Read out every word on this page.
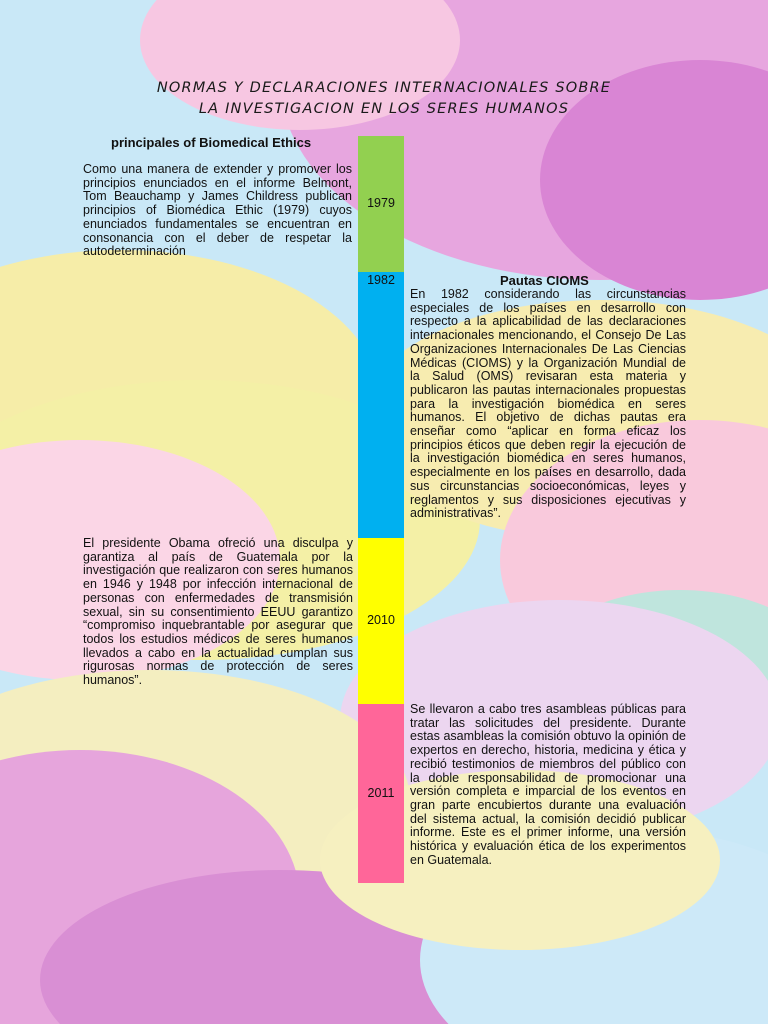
NORMAS Y DECLARACIONES INTERNACIONALES SOBRE
LA INVESTIGACION EN LOS SERES HUMANOS
1979
1982
2010
2011
principales of Biomedical Ethics

Como una manera de extender y promover los principios enunciados en el informe Belmont, Tom Beauchamp y James Childress publican principios of Biomédica Ethic (1979) cuyos enunciados fundamentales se encuentran en consonancia con el deber de respetar la autodeterminación

Pautas CIOMS

En 1982 considerando las circunstancias especiales de los países en desarrollo con respecto a la aplicabilidad de las declaraciones internacionales mencionando, el Consejo De Las Organizaciones Internacionales De Las Ciencias Médicas (CIOMS) y la Organización Mundial de la Salud (OMS) revisaran esta materia y publicaron las pautas internacionales propuestas para la investigación biomédica en seres humanos. El objetivo de dichas pautas era enseñar como “aplicar en forma eficaz los principios éticos que deben regir la ejecución de la investigación biomédica en seres humanos, especialmente en los países en desarrollo, dada sus circunstancias socioeconómicas, leyes y reglamentos y sus disposiciones ejecutivas y administrativas”.

El presidente Obama ofreció una disculpa y garantiza al país de Guatemala por la investigación que realizaron con seres humanos en 1946 y 1948 por infección internacional de personas con enfermedades de transmisión sexual, sin su consentimiento EEUU garantizo “compromiso inquebrantable por asegurar que todos los estudios médicos de seres humanos llevados a cabo en la actualidad cumplan sus rigurosas normas de protección de seres humanos”.

Se llevaron a cabo tres asambleas públicas para tratar las solicitudes del presidente. Durante estas asambleas la comisión obtuvo la opinión de expertos en derecho, historia, medicina y ética y recibió testimonios de miembros del público con la doble responsabilidad de promocionar una versión completa e imparcial de los eventos en gran parte encubiertos durante una evaluación del sistema actual, la comisión decidió publicar informe. Este es el primer informe, una versión histórica y evaluación ética de los experimentos en Guatemala.
